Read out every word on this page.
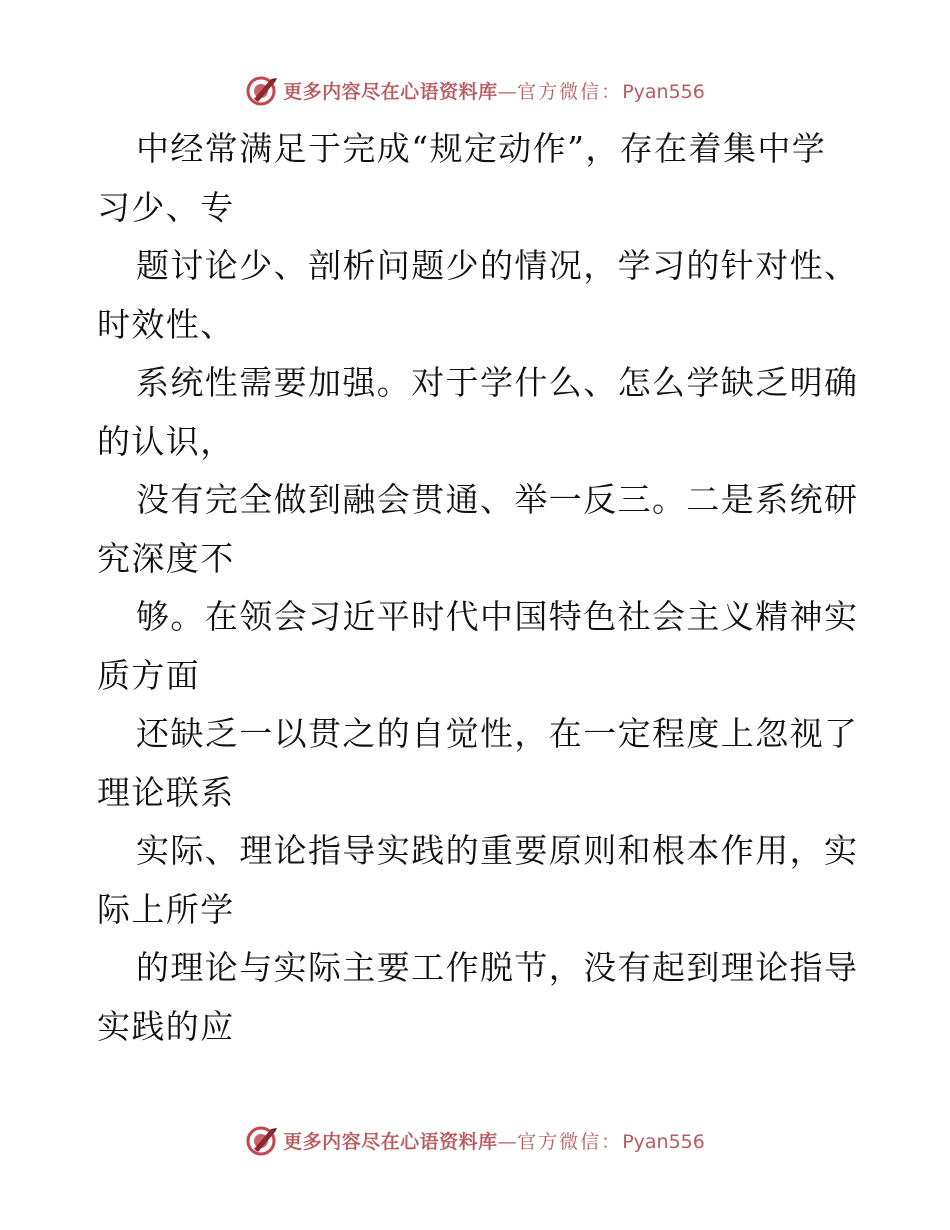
更多内容尽在心语资料库—官方微信：Pyan556
中经常满足于完成“规定动作”，存在着集中学
习少、专
题讨论少、剖析问题少的情况，学习的针对性、
时效性、
系统性需要加强。对于学什么、怎么学缺乏明确
的认识，
没有完全做到融会贯通、举一反三。二是系统研
究深度不
够。在领会习近平时代中国特色社会主义精神实
质方面
还缺乏一以贯之的自觉性，在一定程度上忽视了
理论联系
实际、理论指导实践的重要原则和根本作用，实
际上所学
的理论与实际主要工作脱节，没有起到理论指导
实践的应
更多内容尽在心语资料库—官方微信：Pyan556
